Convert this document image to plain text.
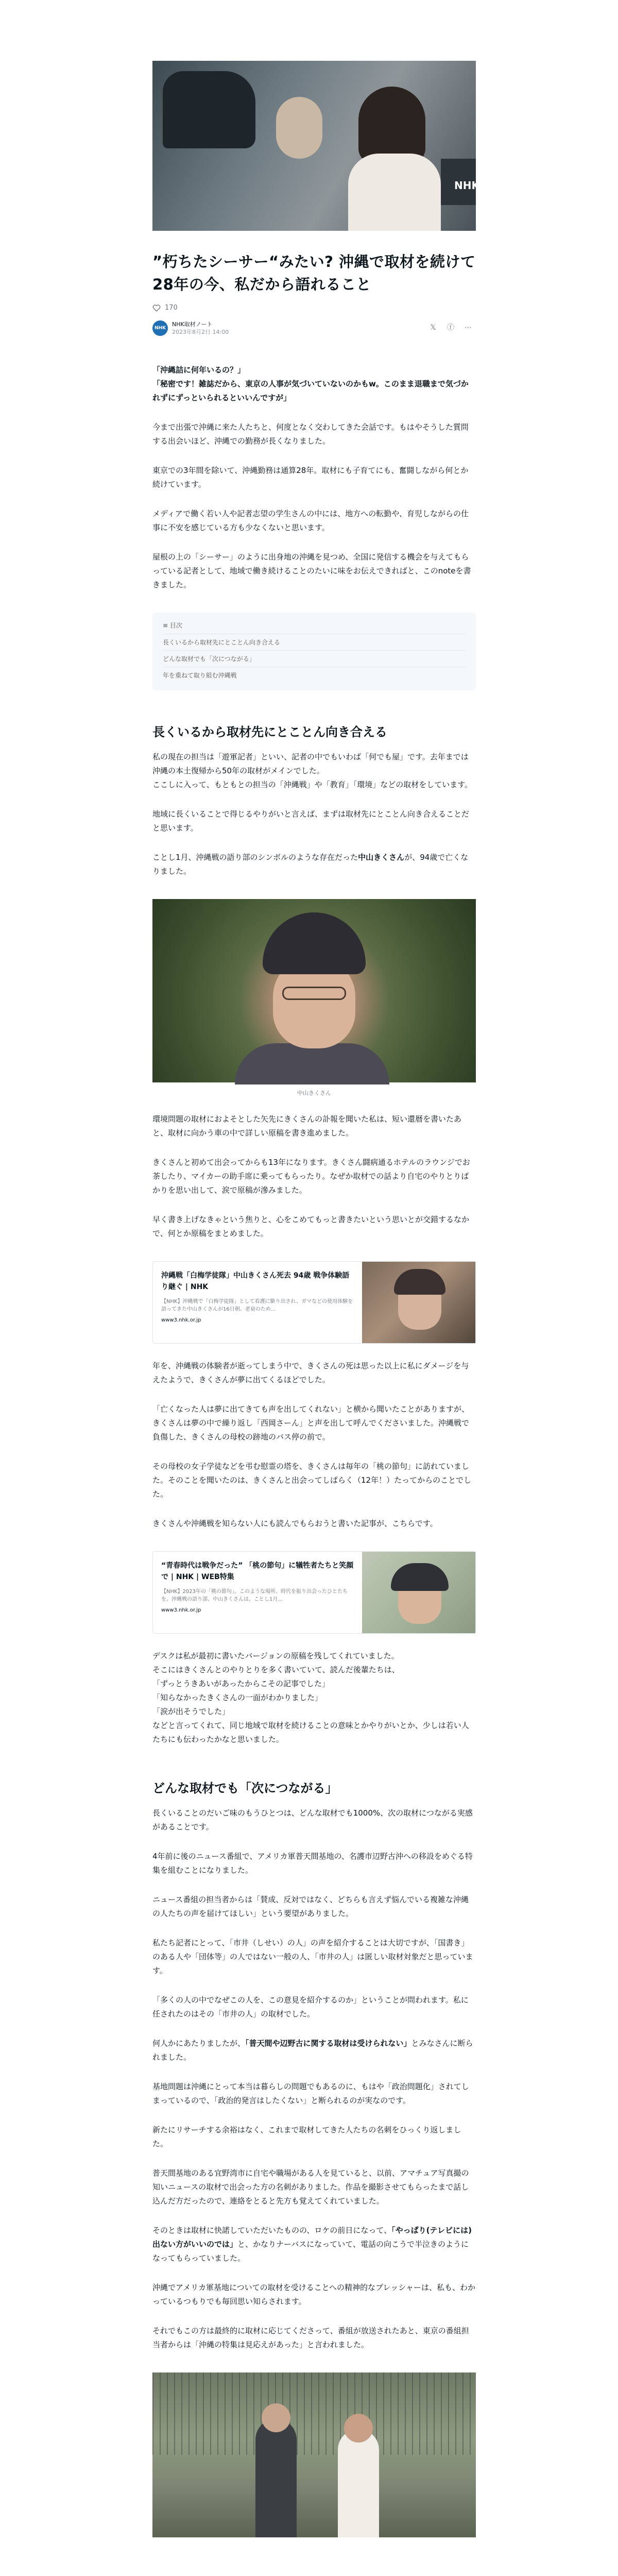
NHK
”朽ちたシーサー“みたい? 沖縄で取材を続けて28年の今、私だから語れること
170
NHK
NHK取材ノート
2023年8月2日 14:00
𝕏 ⓕ ⋯
「沖縄詰に何年いるの？」
「秘密です！雑誌だから、東京の人事が気づいていないのかもw。このまま退職まで気づかれずにずっといられるといいんですが」

今まで出張で沖縄に来た人たちと、何度となく交わしてきた会話です。もはやそうした質問する出会いほど、沖縄での勤務が長くなりました。

東京での3年間を除いて、沖縄勤務は通算28年。取材にも子育てにも、奮闘しながら何とか続けています。

メディアで働く若い人や記者志望の学生さんの中には、地方への転勤や、育児しながらの仕事に不安を感じている方も少なくないと思います。

屋根の上の「シーサー」のように出身地の沖縄を見つめ、全国に発信する機会を与えてもらっている記者として、地域で働き続けることのたいに味をお伝えできればと、このnoteを書きました。

≡ 目次
長くいるから取材先にとことん向き合える
どんな取材でも「次につながる」
年を重ねて取り組む沖縄戦
長くいるから取材先にとことん向き合える

私の現在の担当は「遊軍記者」といい、記者の中でもいわば「何でも屋」です。去年までは沖縄の本土復帰から50年の取材がメインでした。
ここしに入って、もともとの担当の「沖縄戦」や「教育」「環境」などの取材をしています。

地域に長くいることで得じるやりがいと言えば、まずは取材先にとことん向き合えることだと思います。

ことし1月、沖縄戦の語り部のシンボルのような存在だった中山きくさんが、94歳で亡くなりました。

中山きくさん

環境問題の取材におよそとした矢先にきくさんの訃報を聞いた私は、短い還暦を書いたあと、取材に向かう車の中で詳しい原稿を書き進めました。

きくさんと初めて出会ってからも13年になります。きくさん闘病通るホテルのラウンジでお茶したり、マイカーの助手席に乗ってもらったり。なぜか取材での話より自宅のやりとりばかりを思い出して、涙で原稿が滲みました。

早く書き上げなきゃという焦りと、心をこめてもっと書きたいという思いとが交錯するなかで、何とか原稿をまとめました。

沖縄戦「白梅学徒隊」中山きくさん死去 94歳 戦争体験語り継ぐ | NHK
【NHK】沖縄戦で「白梅学徒隊」として看護に駆り出され、ガマなどの使用体験を語ってきた中山きくさんが16日朝、老衰のため...
www3.nhk.or.jp

年を、沖縄戦の体験者が逝ってしまう中で、きくさんの死は思った以上に私にダメージを与えたようで、きくさんが夢に出てくるほどでした。

「亡くなった人は夢に出てきても声を出してくれない」と横から聞いたことがありますが、きくさんは夢の中で繰り返し「西岡さーん」と声を出して呼んでくださいました。沖縄戦で負傷した、きくさんの母校の跡地のバス停の前で。

その母校の女子学徒などを弔む慰霊の塔を、きくさんは毎年の「桃の節句」に訪れていました。そのことを聞いたのは、きくさんと出会ってしばらく（12年！）たってからのことでした。

きくさんや沖縄戦を知らない人にも読んでもらおうと書いた記事が、こちらです。

“青春時代は戦争だった” 「桃の節句」に犠牲者たちと笑顔で | NHK | WEB特集
【NHK】2023年の「桃の節句」。このような場所、時代を振り出会ったひとたちを。沖縄戦の語り部、中山きくさんは、ことし1月...
www3.nhk.or.jp

デスクは私が最初に書いたバージョンの原稿を残してくれていました。
そこにはきくさんとのやりとりを多く書いていて、読んだ後輩たちは、
「ずっとうきあいがあったからこその記事でした」
「知らなかったきくさんの一面がわかりました」
「涙が出そうでした」
などと言ってくれて、同じ地域で取材を続けることの意味とかやりがいとか、少しは若い人たちにも伝わったかなと思いました。

どんな取材でも「次につながる」

長くいることのだいご味のもうひとつは、どんな取材でも1000%、次の取材につながる実感があることです。

4年前に後のニュース番組で、アメリカ軍普天間基地の、名護市辺野古沖への移設をめぐる特集を組むことになりました。

ニュース番組の担当者からは「賛成、反対ではなく、どちらも言えず悩んでいる複雑な沖縄の人たちの声を届けてほしい」という要望がありました。

私たち記者にとって、「市井（しせい）の人」の声を紹介することは大切ですが、「国書き」のある人や「団体等」の人ではない一般の人、「市井の人」は匿しい取材対象だと思っています。

「多くの人の中でなぜこの人を、この意見を紹介するのか」ということが問われます。私に任されたのはその「市井の人」の取材でした。

何人かにあたりましたが、「普天間や辺野古に関する取材は受けられない」とみなさんに断られました。

基地問題は沖縄にとって本当は暮らしの問題でもあるのに、もはや「政治問題化」されてしまっているので、「政治的発言はしたくない」と断られるのが実なのです。

新たにリサーチする余裕はなく、これまで取材してきた人たちの名刺をひっくり返しました。

普天間基地のある宜野湾市に自宅や職場がある人を見ていると、以前、アマチュア写真撮の知いニュースの取材で出会った方の名刺がありました。作品を撮影させてもらったまで話し込んだ方だったので、連絡をとると先方も覚えてくれていました。

そのときは取材に快諾していただいたものの、ロケの前日になって、「やっぱり(テレビには)出ない方がいいのでは」と、かなりナーバスになっていて、電話の向こうで半泣きのようになってもらっていました。

沖縄でアメリカ軍基地についての取材を受けることへの精神的なプレッシャーは、私も、わかっているつもりでも毎回思い知らされます。

それでもこの方は最終的に取材に応じてくださって、番組が放送されたあと、東京の番組担当者からは「沖縄の特集は見応えがあった」と言われました。
